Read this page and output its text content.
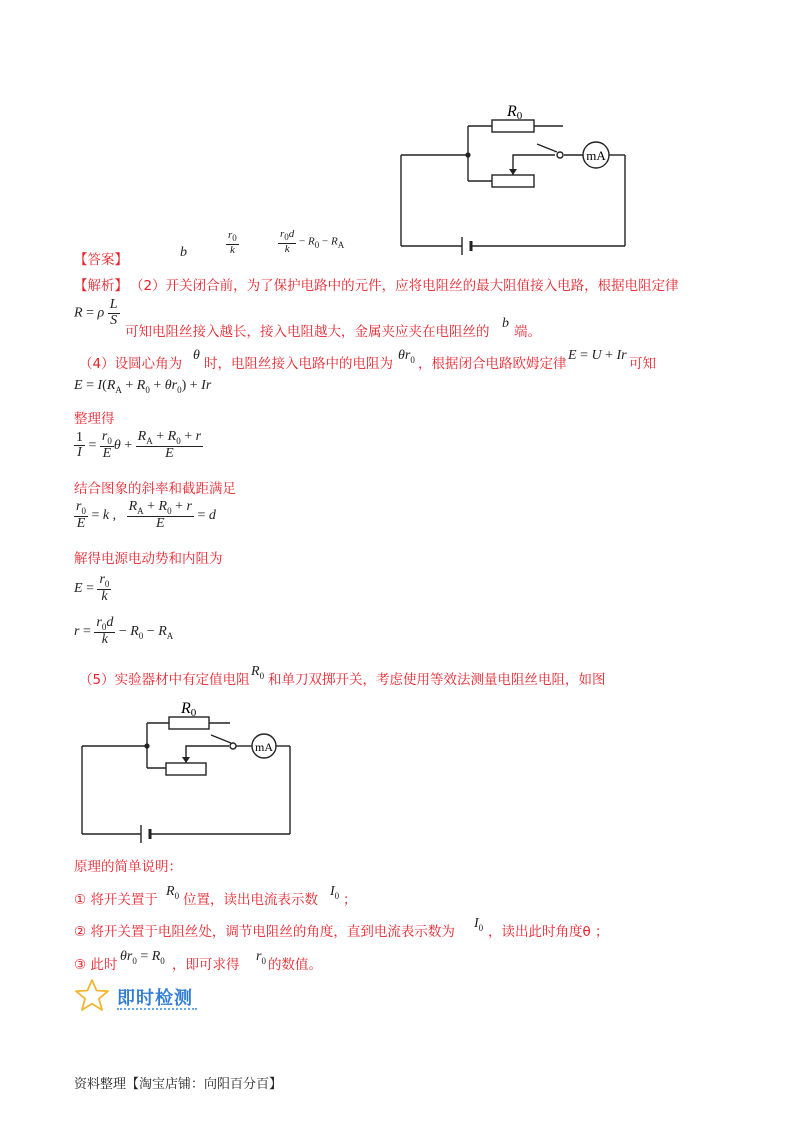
R0
mA
【答案】	b	$\frac{r_0}{k}$	$\frac{r_0d}{k} - R_0 - R_A$
【解析】 （2）开关闭合前，为了保护电路中的元件，应将电阻丝的最大阻值接入电路，根据电阻定律
R = ρ $\frac{L}{S}$
可知电阻丝接入越长，接入电阻越大，金属夹应夹在电阻丝的
b
端。
（4）设圆心角为
θ
时，电阻丝接入电路中的电阻为
$\theta r_0$ ，根据闭合电路欧姆定律
E = U + Ir
可知
$E = I(R_A + R_0 + \theta r_0) + Ir$
整理得
$\frac{1}{I} = \frac{r_0}{E}$ $\theta + \frac{R_A + R_0 + r}{E}$
结合图象的斜率和截距满足
$\frac{r_0}{E} = k$ , $\frac{R_A + R_0 + r}{E} = d$
解得电源电动势和内阻为
$E = \frac{r_0}{k}$
$r = \frac{r_0d}{k} - R_0 - R_A$
（5）实验器材中有定值电阻
$R_0$ 和单刀双掷开关，考虑使用等效法测量电阻丝电阻，如图
R0
mA
原理的简单说明：
① 将开关置于
$R_0$ 位置，读出电流表示数
$I_0$ ；
② 将开关置于电阻丝处，调节电阻丝的角度，直到电流表示数为
$I_0$ ，读出此时角度θ ；
③ 此时
$\theta r_0 = R_0$ ，即可求得
$r_0$ 的数值。
即时检测
资料整理【淘宝店铺：向阳百分百】
